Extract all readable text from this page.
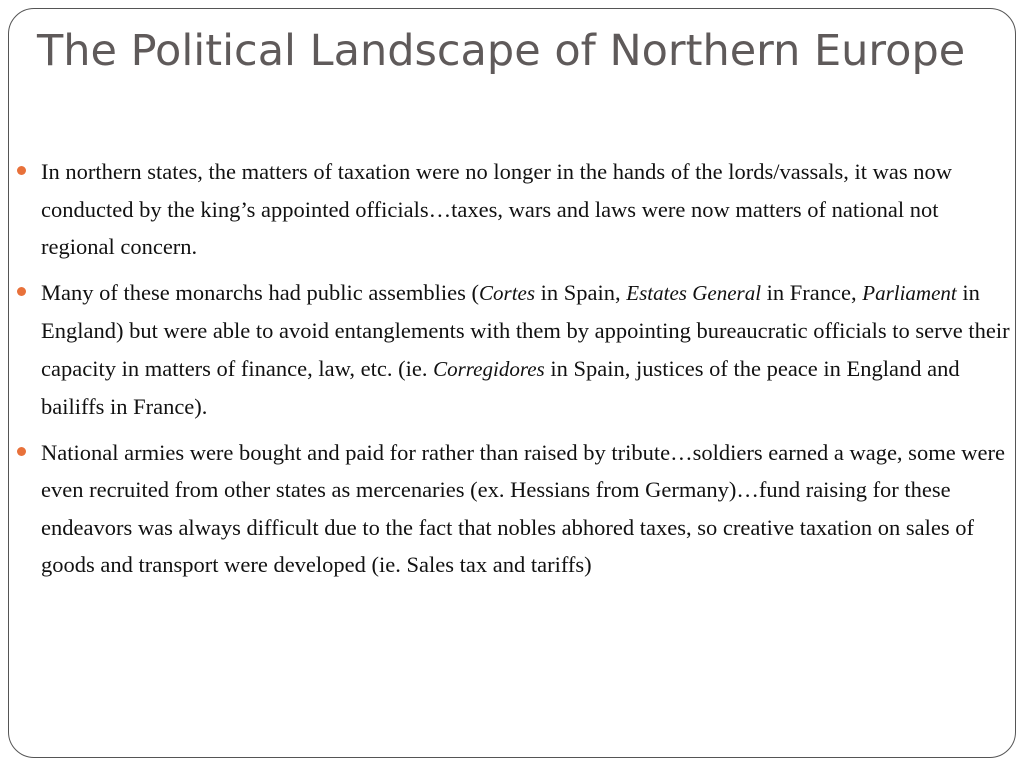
The Political Landscape of Northern Europe
In northern states, the matters of taxation were no longer in the hands of the lords/vassals, it was now conducted by the king’s appointed officials…taxes, wars and laws were now matters of national not regional concern.
Many of these monarchs had public assemblies (Cortes in Spain, Estates General in France, Parliament in England) but were able to avoid entanglements with them by appointing bureaucratic officials to serve their capacity in matters of finance, law, etc. (ie. Corregidores in Spain, justices of the peace in England and bailiffs in France).
National armies were bought and paid for rather than raised by tribute…soldiers earned a wage, some were even recruited from other states as mercenaries (ex. Hessians from Germany)…fund raising for these endeavors was always difficult due to the fact that nobles abhored taxes, so creative taxation on sales of goods and transport were developed (ie. Sales tax and tariffs)
